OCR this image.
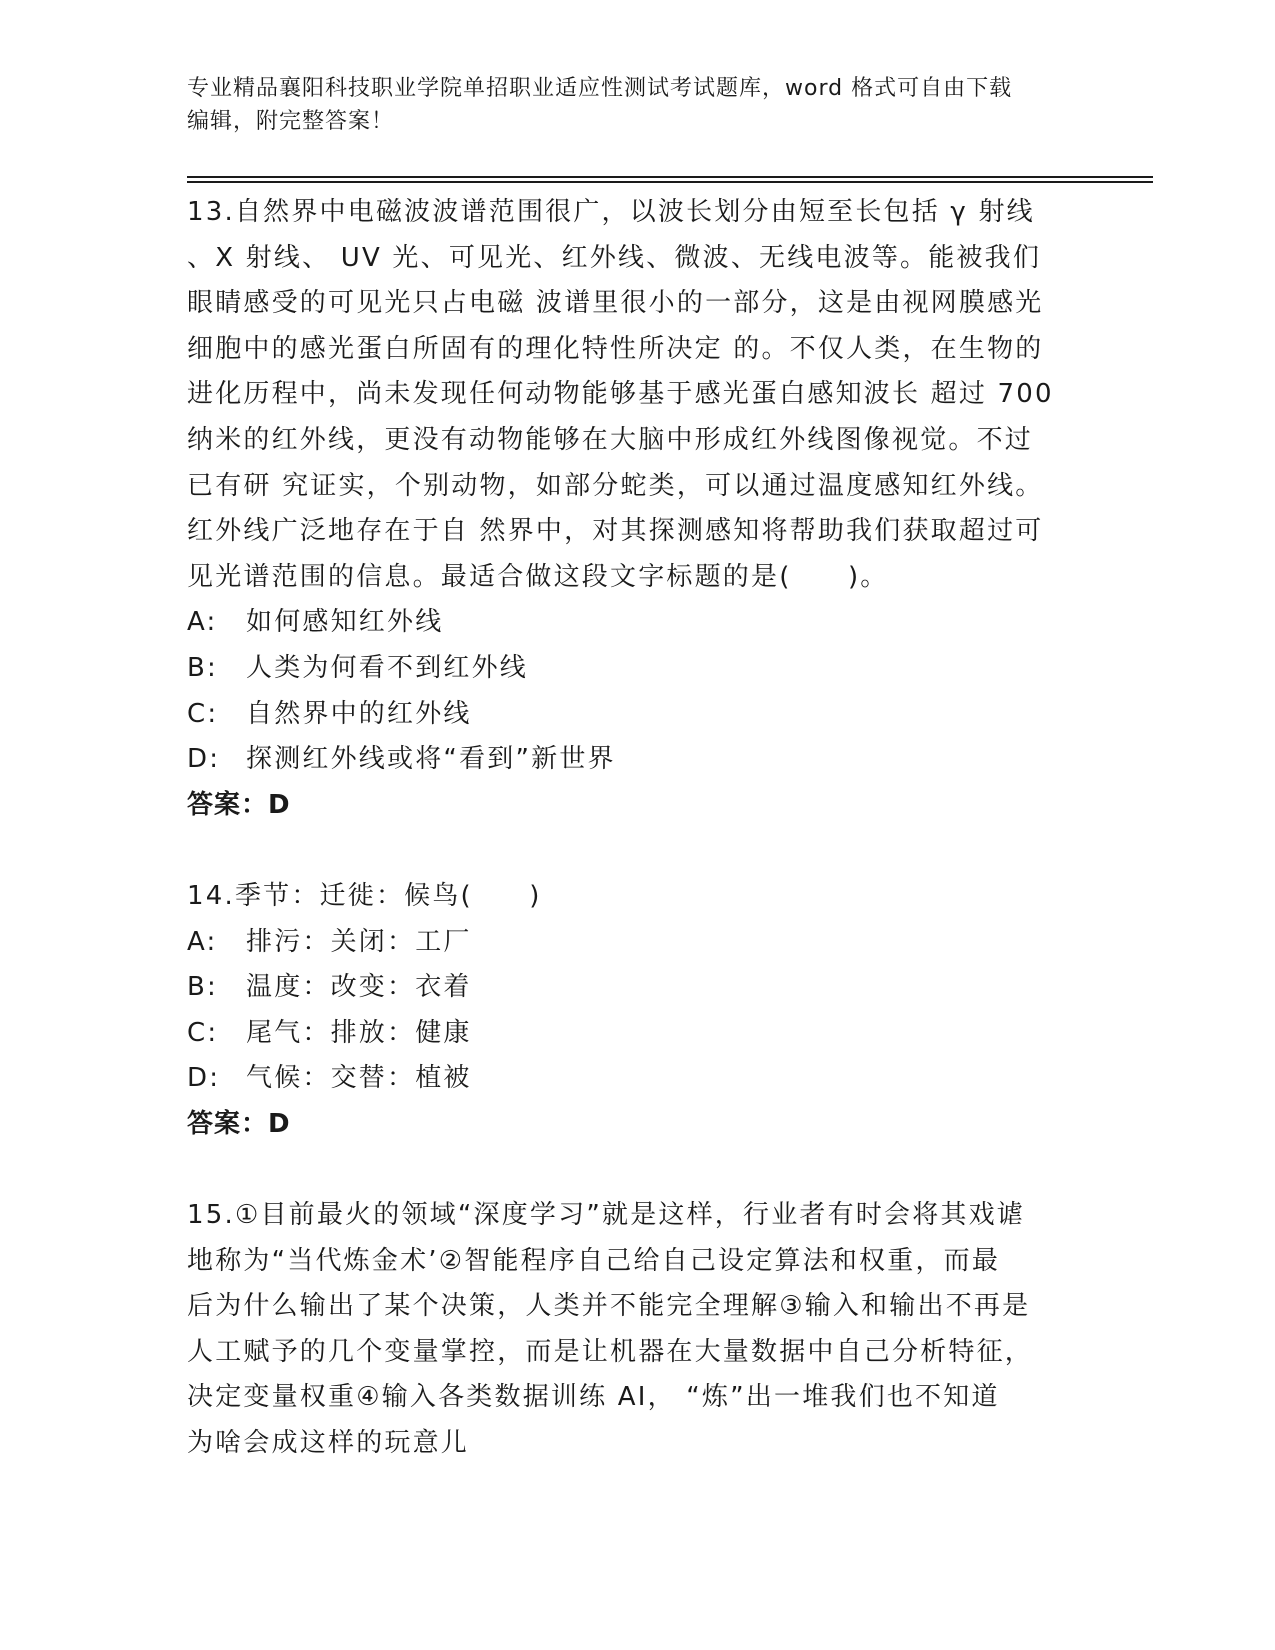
专业精品襄阳科技职业学院单招职业适应性测试考试题库，word 格式可自由下载
编辑，附完整答案！
13.自然界中电磁波波谱范围很广，以波长划分由短至长包括 γ 射线
、X 射线、 UV 光、可见光、红外线、微波、无线电波等。能被我们
眼睛感受的可见光只占电磁 波谱里很小的一部分，这是由视网膜感光
细胞中的感光蛋白所固有的理化特性所决定 的。不仅人类，在生物的
进化历程中，尚未发现任何动物能够基于感光蛋白感知波长 超过 700
纳米的红外线，更没有动物能够在大脑中形成红外线图像视觉。不过
已有研 究证实，个别动物，如部分蛇类，可以通过温度感知红外线。
红外线广泛地存在于自 然界中，对其探测感知将帮助我们获取超过可
见光谱范围的信息。最适合做这段文字标题的是(　　)。
A: 如何感知红外线
B: 人类为何看不到红外线
C: 自然界中的红外线
D: 探测红外线或将“看到”新世界
答案：D
14.季节：迁徙：候鸟(　　)
A: 排污：关闭：工厂
B: 温度：改变：衣着
C: 尾气：排放：健康
D: 气候：交替：植被
答案：D
15.①目前最火的领域“深度学习”就是这样，行业者有时会将其戏谑
地称为“当代炼金术’②智能程序自己给自己设定算法和权重，而最
后为什么输出了某个决策，人类并不能完全理解③输入和输出不再是
人工赋予的几个变量掌控，而是让机器在大量数据中自己分析特征，
决定变量权重④输入各类数据训练 AI， “炼”出一堆我们也不知道
为啥会成这样的玩意儿
